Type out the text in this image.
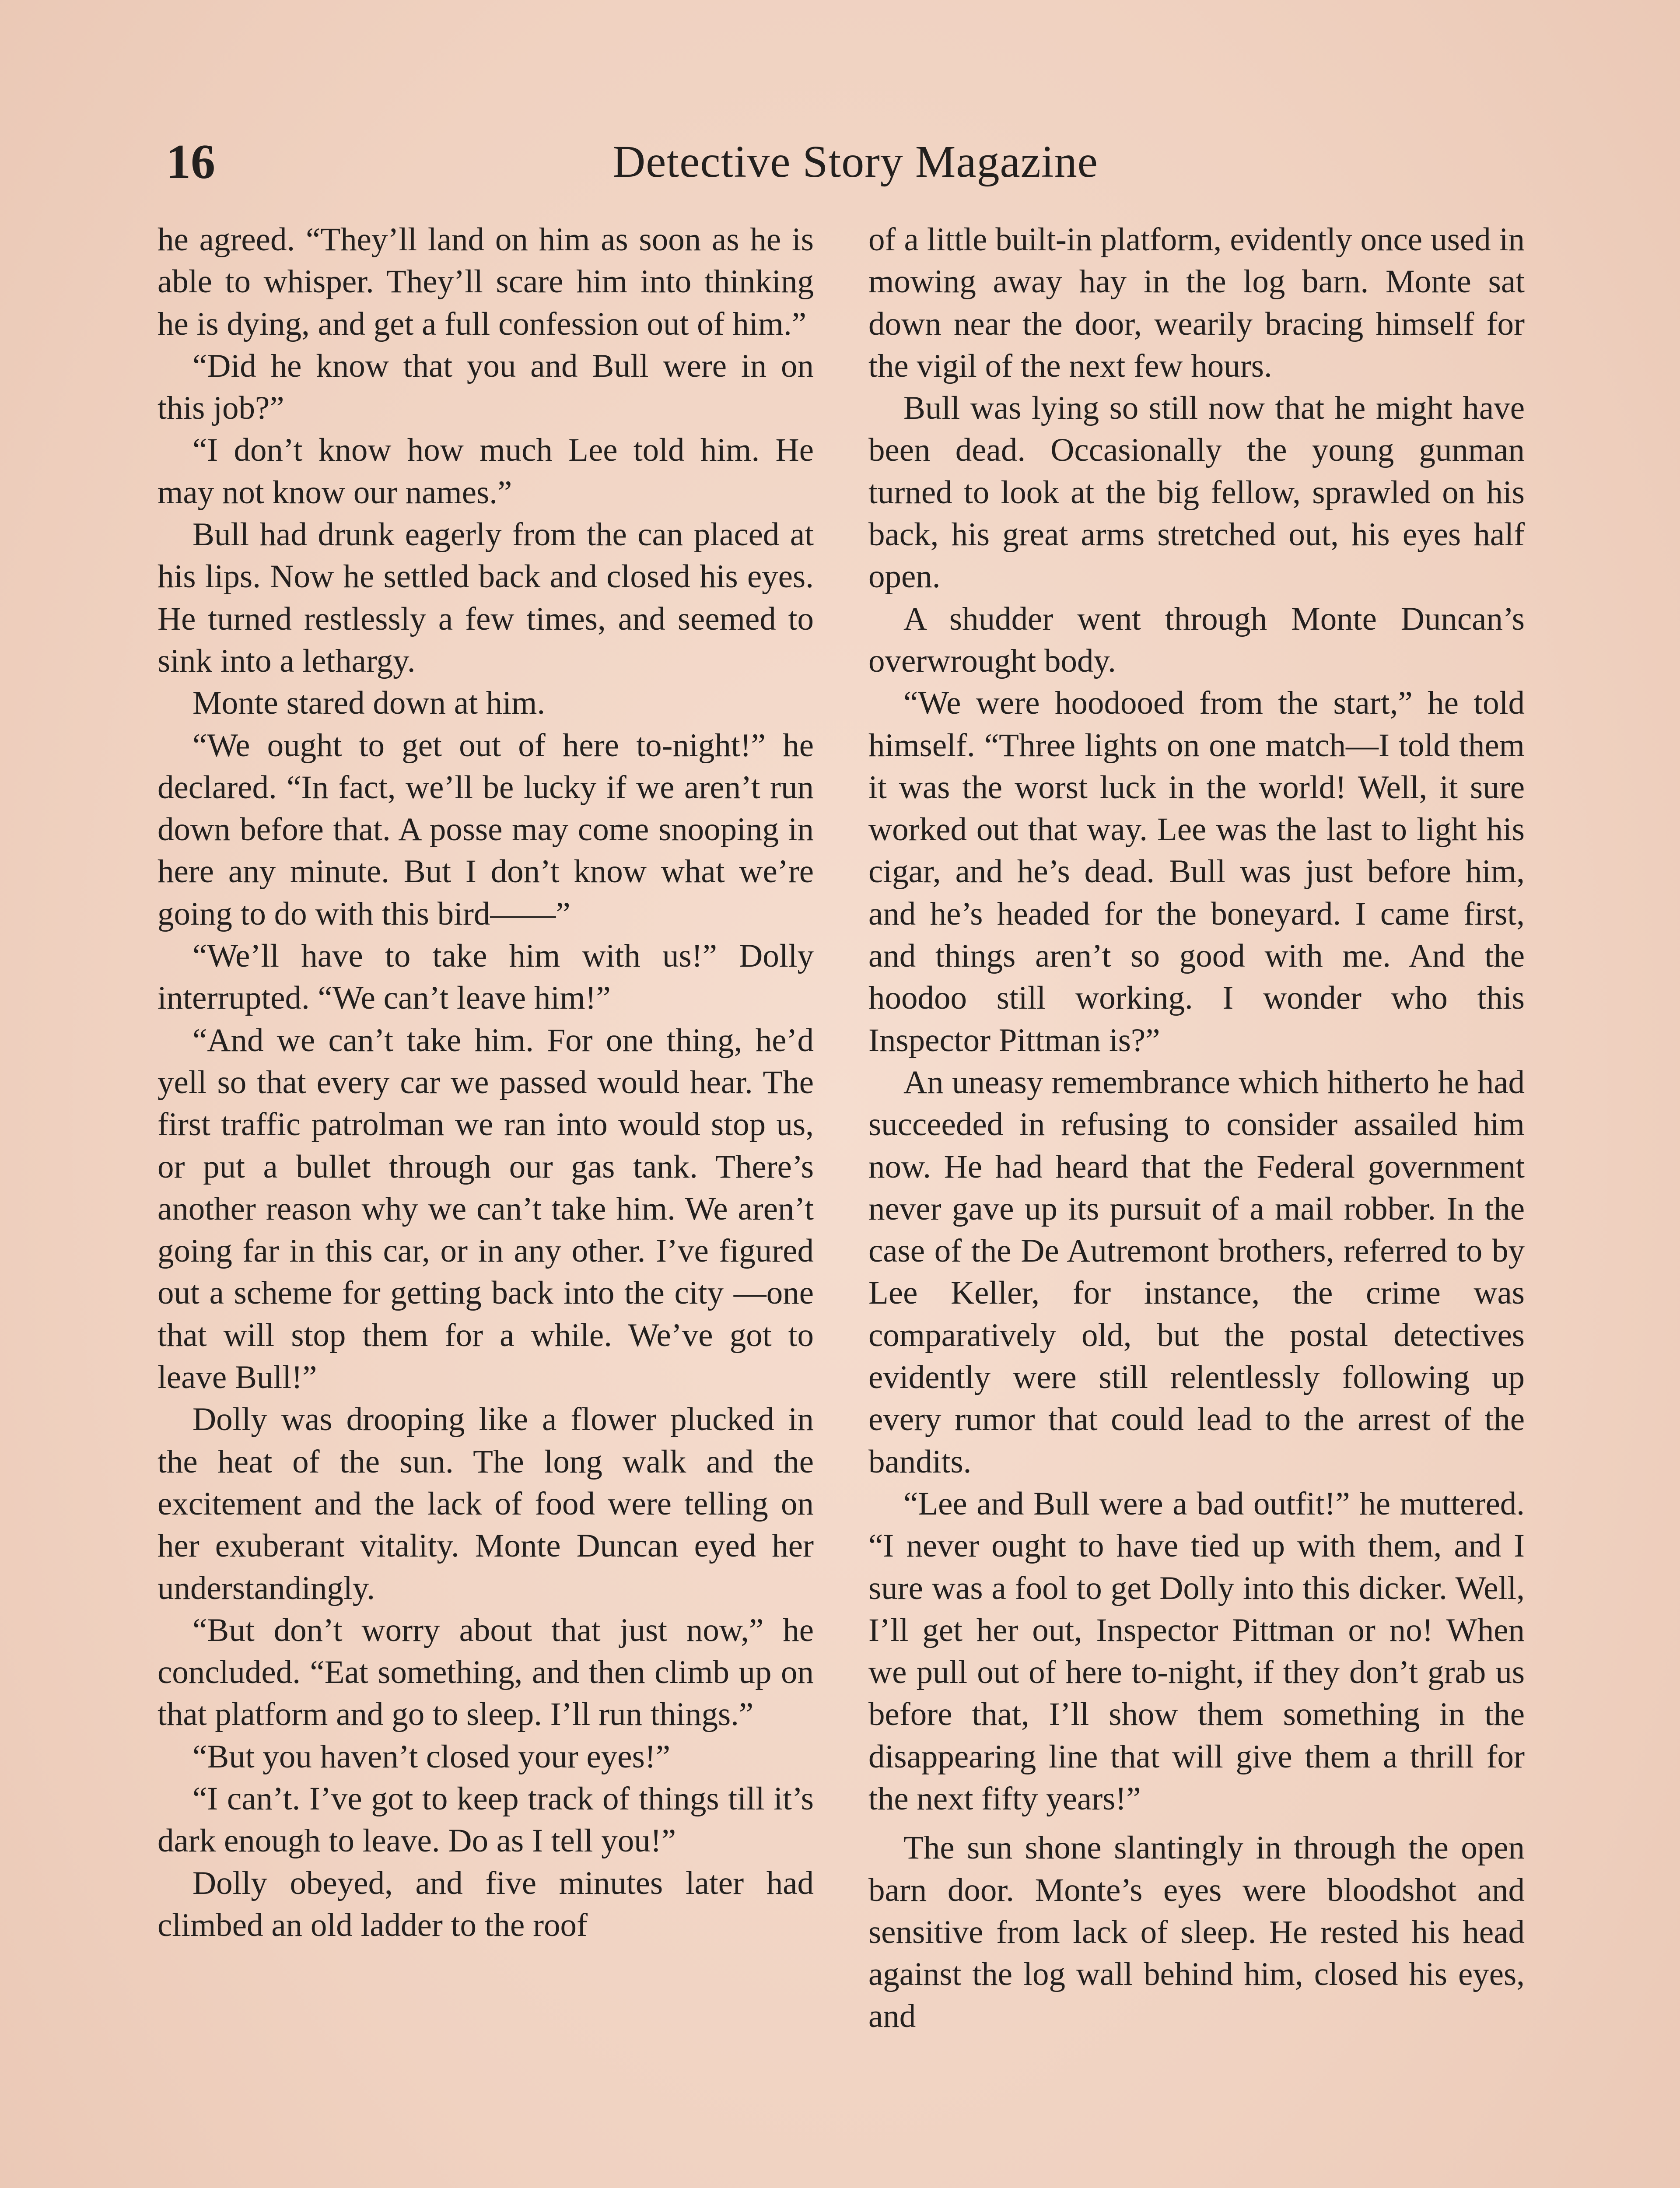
16	Detective Story Magazine

he agreed. “They’ll land on him as soon as he is able to whisper. They’ll scare him into thinking he is dying, and get a full confession out of him.”

“Did he know that you and Bull were in on this job?”

“I don’t know how much Lee told him. He may not know our names.”

Bull had drunk eagerly from the can placed at his lips. Now he settled back and closed his eyes. He turned restlessly a few times, and seemed to sink into a lethargy.

Monte stared down at him.

“We ought to get out of here to-night!” he declared. “In fact, we’ll be lucky if we aren’t run down before that. A posse may come snooping in here any minute. But I don’t know what we’re going to do with this bird——”

“We’ll have to take him with us!” Dolly interrupted. “We can’t leave him!”

“And we can’t take him. For one thing, he’d yell so that every car we passed would hear. The first traffic patrolman we ran into would stop us, or put a bullet through our gas tank. There’s another reason why we can’t take him. We aren’t going far in this car, or in any other. I’ve figured out a scheme for getting back into the city —one that will stop them for a while. We’ve got to leave Bull!”

Dolly was drooping like a flower plucked in the heat of the sun. The long walk and the excitement and the lack of food were telling on her exuberant vitality. Monte Duncan eyed her understandingly.

“But don’t worry about that just now,” he concluded. “Eat something, and then climb up on that platform and go to sleep. I’ll run things.”

“But you haven’t closed your eyes!”

“I can’t. I’ve got to keep track of things till it’s dark enough to leave. Do as I tell you!”

Dolly obeyed, and five minutes later had climbed an old ladder to the roof

of a little built-in platform, evidently once used in mowing away hay in the log barn. Monte sat down near the door, wearily bracing himself for the vigil of the next few hours.

Bull was lying so still now that he might have been dead. Occasionally the young gunman turned to look at the big fellow, sprawled on his back, his great arms stretched out, his eyes half open.

A shudder went through Monte Duncan’s overwrought body.

“We were hoodooed from the start,” he told himself. “Three lights on one match—I told them it was the worst luck in the world! Well, it sure worked out that way. Lee was the last to light his cigar, and he’s dead. Bull was just before him, and he’s headed for the boneyard. I came first, and things aren’t so good with me. And the hoodoo still working. I wonder who this Inspector Pittman is?”

An uneasy remembrance which hitherto he had succeeded in refusing to consider assailed him now. He had heard that the Federal government never gave up its pursuit of a mail robber. In the case of the De Autremont brothers, referred to by Lee Keller, for instance, the crime was comparatively old, but the postal detectives evidently were still relentlessly following up every rumor that could lead to the arrest of the bandits.

“Lee and Bull were a bad outfit!” he muttered. “I never ought to have tied up with them, and I sure was a fool to get Dolly into this dicker. Well, I’ll get her out, Inspector Pittman or no! When we pull out of here to-night, if they don’t grab us before that, I’ll show them something in the disappearing line that will give them a thrill for the next fifty years!”

The sun shone slantingly in through the open barn door. Monte’s eyes were bloodshot and sensitive from lack of sleep. He rested his head against the log wall behind him, closed his eyes, and
